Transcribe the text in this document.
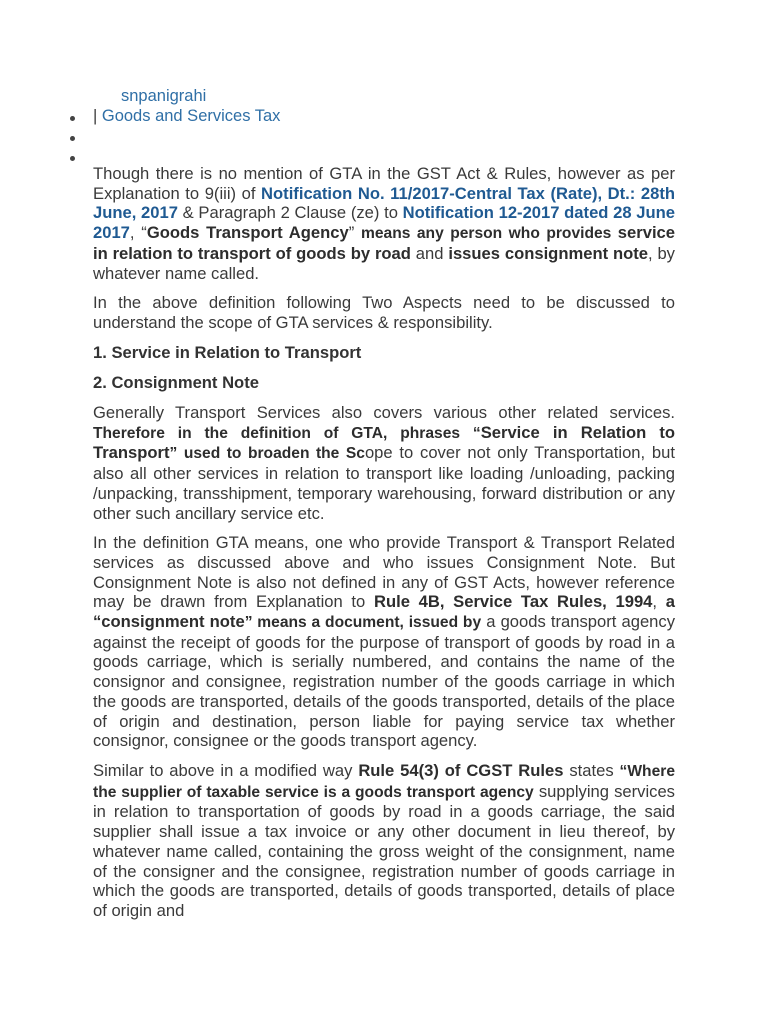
snpanigrahi
| Goods and Services Tax

Though there is no mention of GTA in the GST Act & Rules, however as per Explanation to 9(iii) of Notification No. 11/2017-Central Tax (Rate), Dt.: 28th June, 2017 & Paragraph 2 Clause (ze) to Notification 12-2017 dated 28 June 2017, “Goods Transport Agency” means any person who provides service in relation to transport of goods by road and issues consignment note, by whatever name called.

In the above definition following Two Aspects need to be discussed to understand the scope of GTA services & responsibility.

1. Service in Relation to Transport

2. Consignment Note

Generally Transport Services also covers various other related services. Therefore in the definition of GTA, phrases “Service in Relation to Transport” used to broaden the Scope to cover not only Transportation, but also all other services in relation to transport like loading /unloading, packing /unpacking, transshipment, temporary warehousing, forward distribution or any other such ancillary service etc.

In the definition GTA means, one who provide Transport & Transport Related services as discussed above and who issues Consignment Note. But Consignment Note is also not defined in any of GST Acts, however reference may be drawn from Explanation to Rule 4B, Service Tax Rules, 1994, a “consignment note” means a document, issued by a goods transport agency against the receipt of goods for the purpose of transport of goods by road in a goods carriage, which is serially numbered, and contains the name of the consignor and consignee, registration number of the goods carriage in which the goods are transported, details of the goods transported, details of the place of origin and destination, person liable for paying service tax whether consignor, consignee or the goods transport agency.

Similar to above in a modified way Rule 54(3) of CGST Rules states “Where the supplier of taxable service is a goods transport agency supplying services in relation to transportation of goods by road in a goods carriage, the said supplier shall issue a tax invoice or any other document in lieu thereof, by whatever name called, containing the gross weight of the consignment, name of the consigner and the consignee, registration number of goods carriage in which the goods are transported, details of goods transported, details of place of origin and
